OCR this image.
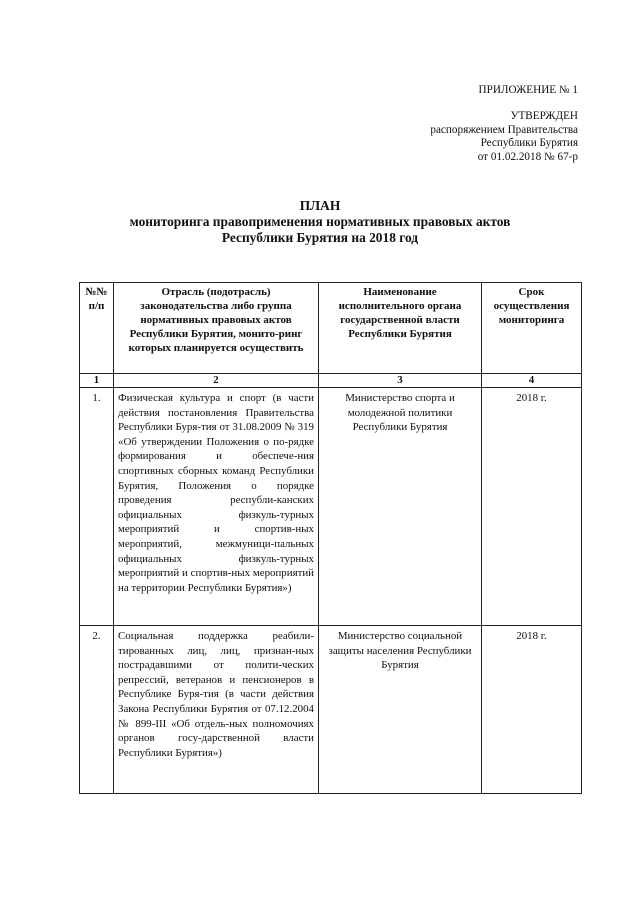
ПРИЛОЖЕНИЕ № 1
УТВЕРЖДЕН
распоряжением Правительства
Республики Бурятия
от 01.02.2018 № 67-р
ПЛАН
мониторинга правоприменения нормативных правовых актов
Республики Бурятия на 2018 год
№№ п/п	Отрасль (подотрасль) законодательства либо группа нормативных правовых актов Республики Бурятия, монито-ринг которых планируется осуществить	Наименование исполнительного органа государственной власти Республики Бурятия	Срок осуществления мониторинга
1	2	3	4
1.	Физическая культура и спорт (в части действия постановления Правительства Республики Буря-тия от 31.08.2009 № 319 «Об утверждении Положения о по-рядке формирования и обеспече-ния спортивных сборных команд Республики Бурятия, Положения о порядке проведения республи-канских официальных физкуль-турных мероприятий и спортив-ных мероприятий, межмуници-пальных официальных физкуль-турных мероприятий и спортив-ных мероприятий на территории Республики Бурятия»)	Министерство спорта и молодежной политики Республики Бурятия	2018 г.
2.	Социальная поддержка реабили-тированных лиц, лиц, признан-ных пострадавшими от полити-ческих репрессий, ветеранов и пенсионеров в Республике Буря-тия (в части действия Закона Республики Бурятия от 07.12.2004 № 899-III «Об отдель-ных полномочиях органов госу-дарственной власти Республики Бурятия»)	Министерство социальной защиты населения Республики Бурятия	2018 г.
